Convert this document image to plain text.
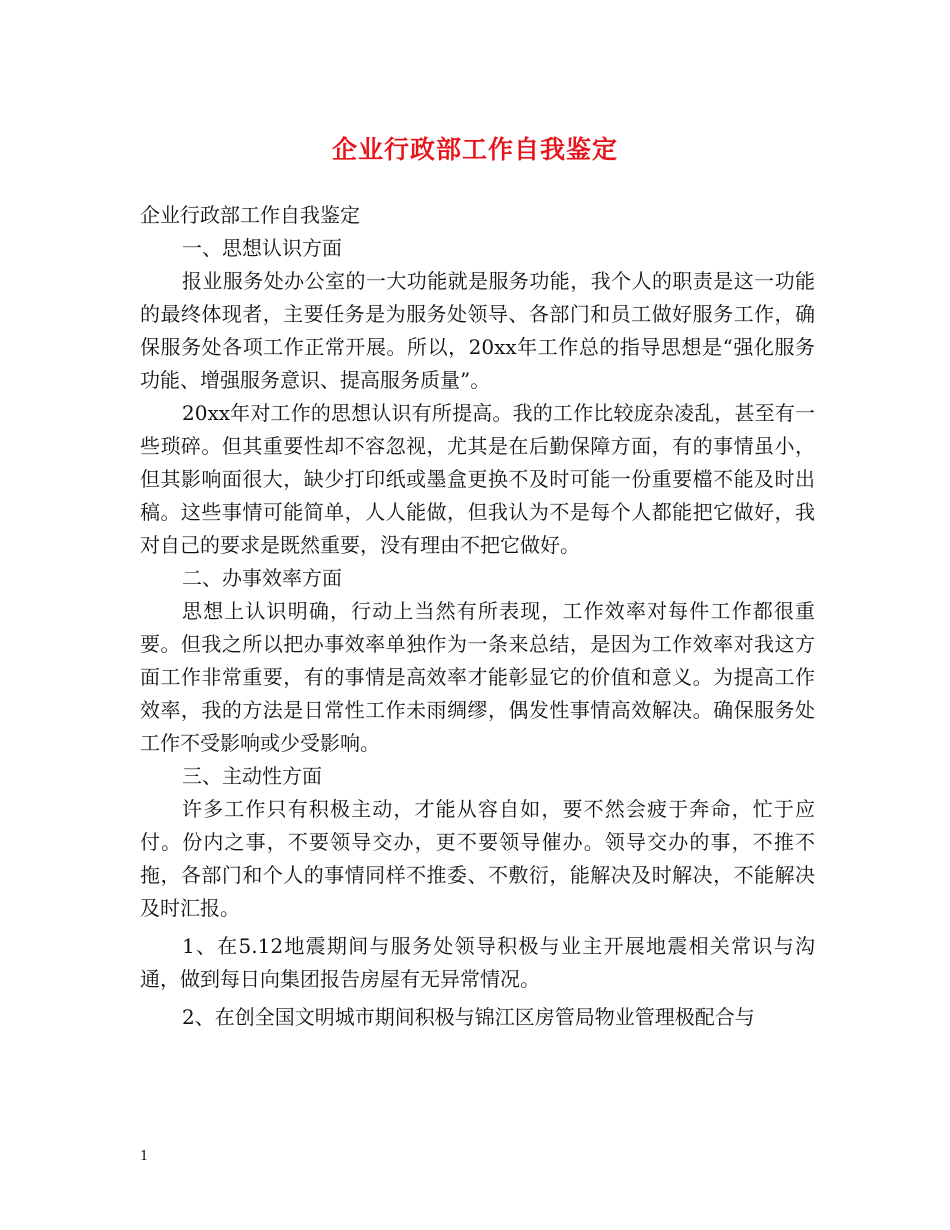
企业行政部工作自我鉴定

企业行政部工作自我鉴定

一、思想认识方面

报业服务处办公室的一大功能就是服务功能，我个人的职责是这一功能的最终体现者，主要任务是为服务处领导、各部门和员工做好服务工作，确保服务处各项工作正常开展。所以，20xx年工作总的指导思想是“强化服务功能、增强服务意识、提高服务质量”。

20xx年对工作的思想认识有所提高。我的工作比较庞杂凌乱，甚至有一些琐碎。但其重要性却不容忽视，尤其是在后勤保障方面，有的事情虽小，但其影响面很大，缺少打印纸或墨盒更换不及时可能一份重要檔不能及时出稿。这些事情可能简单，人人能做，但我认为不是每个人都能把它做好，我对自己的要求是既然重要，没有理由不把它做好。

二、办事效率方面

思想上认识明确，行动上当然有所表现，工作效率对每件工作都很重要。但我之所以把办事效率单独作为一条来总结，是因为工作效率对我这方面工作非常重要，有的事情是高效率才能彰显它的价值和意义。为提高工作效率，我的方法是日常性工作未雨绸缪，偶发性事情高效解决。确保服务处工作不受影响或少受影响。

三、主动性方面

许多工作只有积极主动，才能从容自如，要不然会疲于奔命，忙于应付。份内之事，不要领导交办，更不要领导催办。领导交办的事，不推不拖，各部门和个人的事情同样不推委、不敷衍，能解决及时解决，不能解决及时汇报。

1、在5.12地震期间与服务处领导积极与业主开展地震相关常识与沟通，做到每日向集团报告房屋有无异常情况。

2、在创全国文明城市期间积极与锦江区房管局物业管理极配合与

1
